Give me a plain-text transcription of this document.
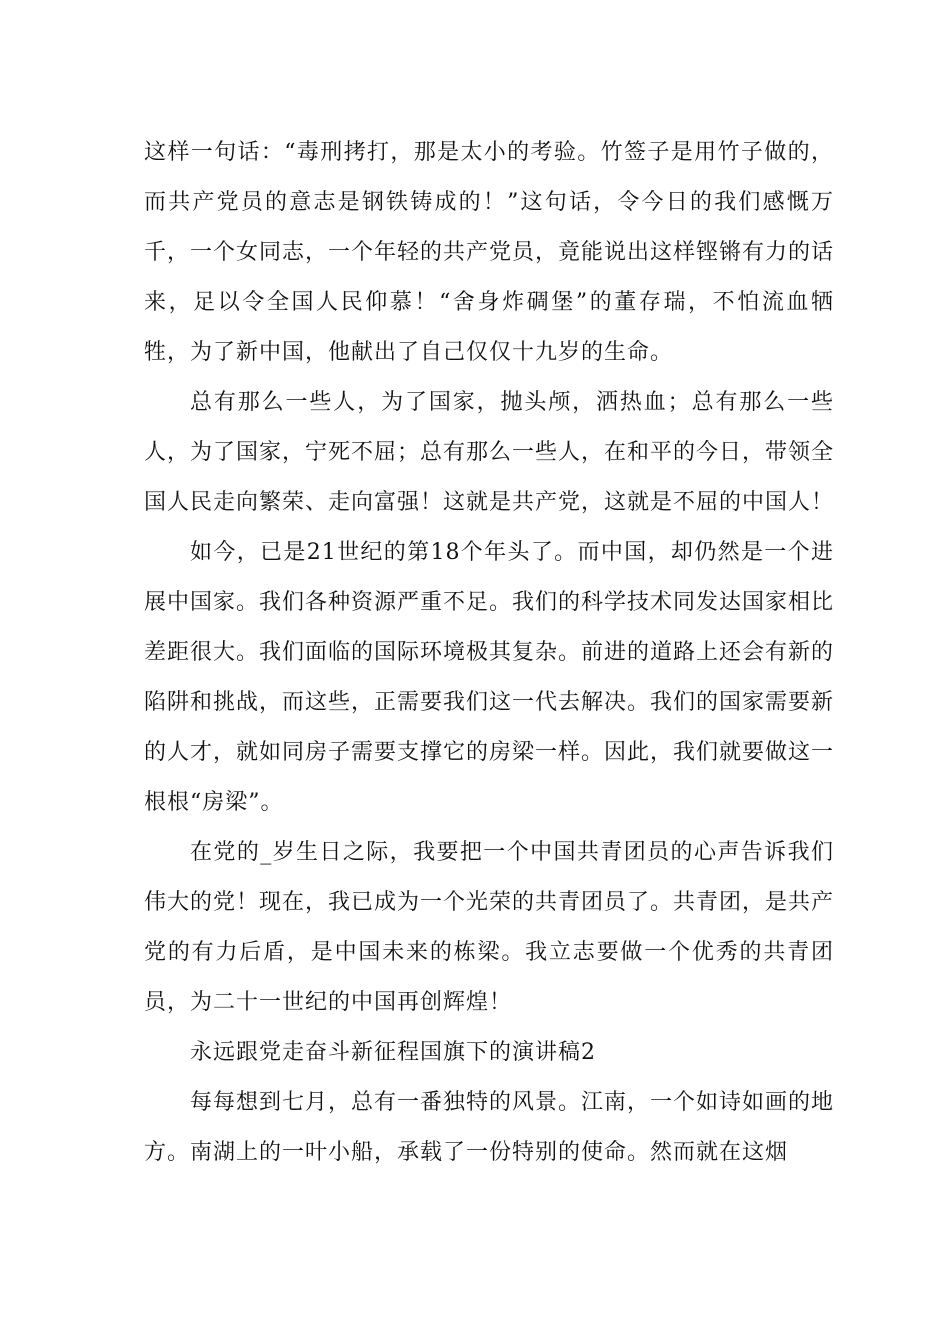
这样一句话：“毒刑拷打，那是太小的考验。竹签子是用竹子做的，而共产党员的意志是钢铁铸成的！”这句话，令今日的我们感慨万千，一个女同志，一个年轻的共产党员，竟能说出这样铿锵有力的话来，足以令全国人民仰慕！“舍身炸碉堡”的董存瑞，不怕流血牺牲，为了新中国，他献出了自己仅仅十九岁的生命。

总有那么一些人，为了国家，抛头颅，洒热血；总有那么一些人，为了国家，宁死不屈；总有那么一些人，在和平的今日，带领全国人民走向繁荣、走向富强！这就是共产党，这就是不屈的中国人！

如今，已是21世纪的第18个年头了。而中国，却仍然是一个进展中国家。我们各种资源严重不足。我们的科学技术同发达国家相比差距很大。我们面临的国际环境极其复杂。前进的道路上还会有新的陷阱和挑战，而这些，正需要我们这一代去解决。我们的国家需要新的人才，就如同房子需要支撑它的房梁一样。因此，我们就要做这一根根“房梁”。

在党的_岁生日之际，我要把一个中国共青团员的心声告诉我们伟大的党！现在，我已成为一个光荣的共青团员了。共青团，是共产党的有力后盾，是中国未来的栋梁。我立志要做一个优秀的共青团员，为二十一世纪的中国再创辉煌！

永远跟党走奋斗新征程国旗下的演讲稿2

每每想到七月，总有一番独特的风景。江南，一个如诗如画的地方。南湖上的一叶小船，承载了一份特别的使命。然而就在这烟
